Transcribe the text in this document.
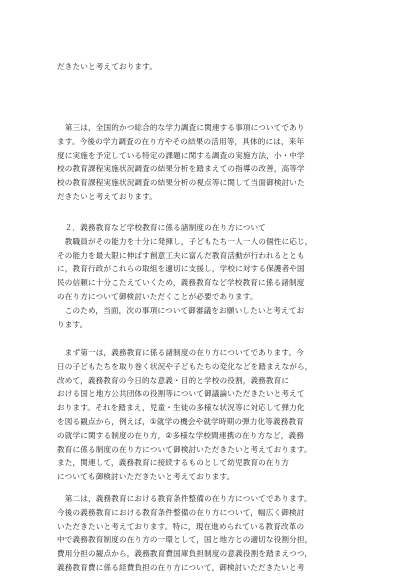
だきたいと考えております。
　第三は，全国的かつ総合的な学力調査に関連する事項についてであり
ます。今後の学力調査の在り方やその結果の活用等，具体的には，来年
度に実施を予定している特定の課題に関する調査の実施方法，小・中学
校の教育課程実施状況調査の結果分析を踏まえての指導の改善，高等学
校の教育課程実施状況調査の結果分析の視点等に関して当面御検討いた
だきたいと考えております。
　２．義務教育など学校教育に係る諸制度の在り方について
　教職員がその能力を十分に発揮し，子どもたち一人一人の個性に応じ，
その能力を最大限に伸ばす創意工夫に富んだ教育活動が行われるととも
に，教育行政がこれらの取組を適切に支援し，学校に対する保護者や国
民の信頼に十分こたえていくため，義務教育など学校教育に係る諸制度
の在り方について御検討いただくことが必要であります。
　このため，当面，次の事項について御審議をお願いしたいと考えてお
ります。
　まず第一は，義務教育に係る諸制度の在り方についてであります。今
日の子どもたちを取り巻く状況や子どもたちの変化などを踏まえながら，
改めて，義務教育の今日的な意義・目的と学校の役割，義務教育に
おける国と地方公共団体の役割等について御議論いただきたいと考えて
おります。それを踏まえ，児童・生徒の多様な状況等に対応して弾力化
を図る観点から，例えば，①就学の機会や就学時期の弾力化等義務教育
の就学に関する制度の在り方，②多様な学校間連携の在り方など，義務
教育に係る制度の在り方について御検討いただきたいと考えております。
また，関連して，義務教育に接続するものとして幼児教育の在り方
についても御検討いただきたいと考えております。
　第二は，義務教育における教育条件整備の在り方についてであります。
今後の義務教育における教育条件整備の在り方について，幅広く御検討
いただきたいと考えております。特に，現在進められている教育改革の
中で義務教育制度の在り方の一環として，国と地方との適切な役割分担，
費用分担の観点から，義務教育費国庫負担制度の意義役割を踏まえつつ，
義務教育費に係る経費負担の在り方について，御検討いただきたいと考
